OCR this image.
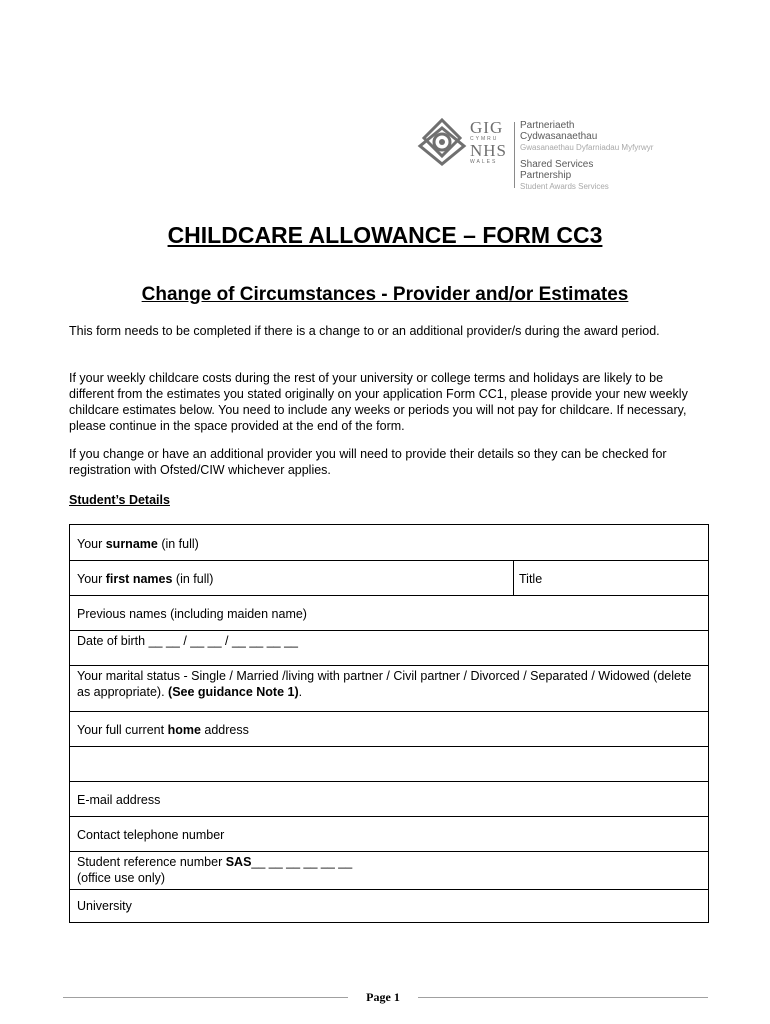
GIG
CYMRU
NHS
WALES
Partneriaeth
Cydwasanaethau
Gwasanaethau Dyfarniadau Myfyrwyr
Shared Services
Partnership
Student Awards Services
CHILDCARE ALLOWANCE – FORM CC3
Change of Circumstances - Provider and/or Estimates

This form needs to be completed if there is a change to or an additional provider/s during the award period.

If your weekly childcare costs during the rest of your university or college terms and holidays are likely to be different from the estimates you stated originally on your application Form CC1, please provide your new weekly childcare estimates below. You need to include any weeks or periods you will not pay for childcare. If necessary, please continue in the space provided at the end of the form.

If you change or have an additional provider you will need to provide their details so they can be checked for registration with Ofsted/CIW whichever applies.

Student’s Details
Your surname (in full)
Your first names (in full)	Title
Previous names (including maiden name)
Date of birth __ __ / __ __ / __ __ __ __
Your marital status - Single / Married /living with partner / Civil partner / Divorced / Separated / Widowed (delete as appropriate). (See guidance Note 1).
Your full current home address
E-mail address
Contact telephone number
Student reference number SAS__ __ __ __ __ __
(office use only)
University
Page 1
